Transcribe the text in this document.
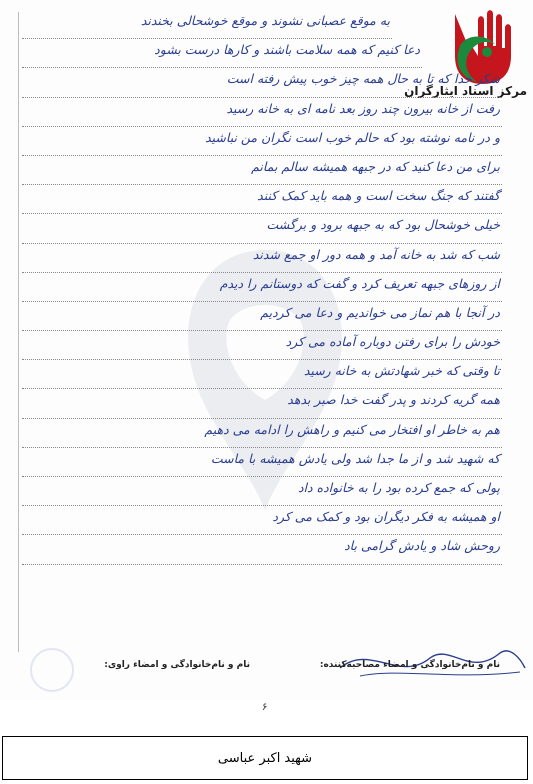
مرکز اسناد ایثارگران
به موقع عصبانی نشوند و موقع خوشحالی بخندند
دعا کنیم که همه سلامت باشند و کارها درست بشود
شکر خدا که تا به حال همه چیز خوب پیش رفته است
رفت از خانه بیرون چند روز بعد نامه ای به خانه رسید
و در نامه نوشته بود که حالم خوب است نگران من نباشید
برای من دعا کنید که در جبهه همیشه سالم بمانم
گفتند که جنگ سخت است و همه باید کمک کنند
خیلی خوشحال بود که به جبهه برود و برگشت
شب که شد به خانه آمد و همه دور او جمع شدند
از روزهای جبهه تعریف کرد و گفت که دوستانم را دیدم
در آنجا با هم نماز می خواندیم و دعا می کردیم
خودش را برای رفتن دوباره آماده می کرد
تا وقتی که خبر شهادتش به خانه رسید
همه گریه کردند و پدر گفت خدا صبر بدهد
هم به خاطر او افتخار می کنیم و راهش را ادامه می دهیم
که شهید شد و از ما جدا شد ولی یادش همیشه با ماست
پولی که جمع کرده بود را به خانواده داد
او همیشه به فکر دیگران بود و کمک می کرد
روحش شاد و یادش گرامی باد
نام و نام‌خانوادگی و امضاء مصاحبه‌کننده:
نام و نام‌خانوادگی و امضاء راوی:
۶
شهید اکبر عباسی
